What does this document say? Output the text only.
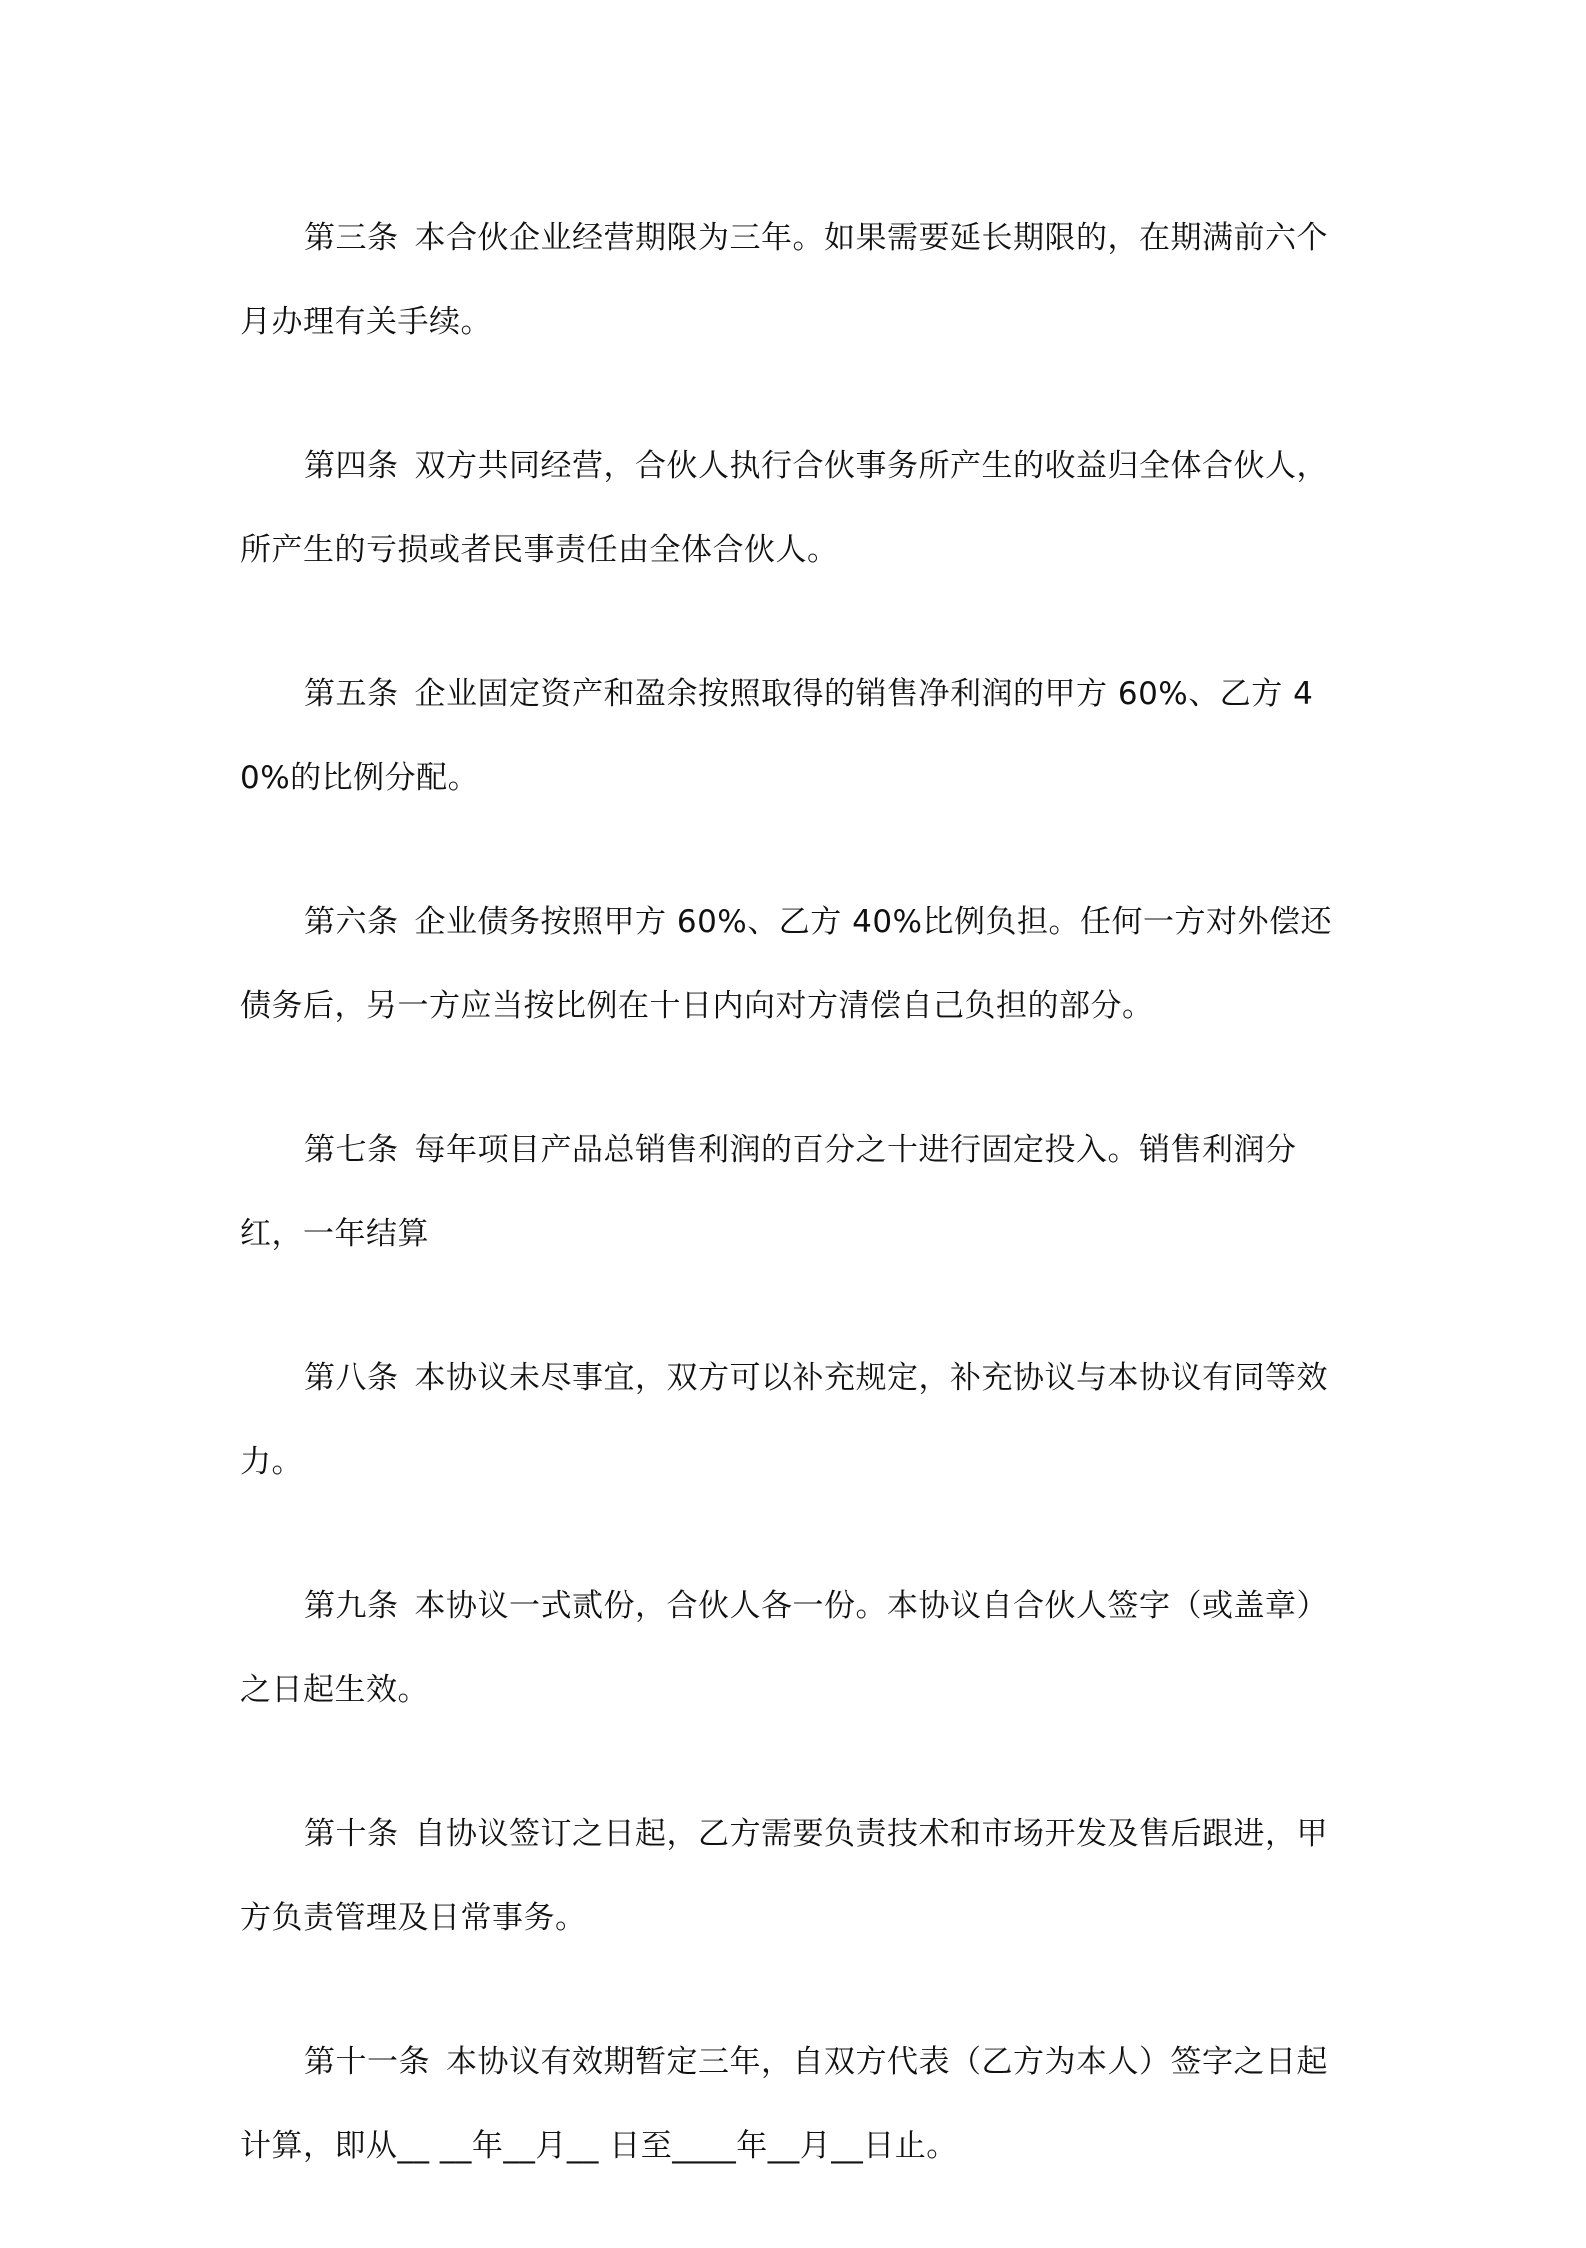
第三条 本合伙企业经营期限为三年。如果需要延长期限的，在期满前六个月办理有关手续。

第四条 双方共同经营，合伙人执行合伙事务所产生的收益归全体合伙人，所产生的亏损或者民事责任由全体合伙人。

第五条 企业固定资产和盈余按照取得的销售净利润的甲方 60%、乙方 40%的比例分配。

第六条 企业债务按照甲方 60%、乙方 40%比例负担。任何一方对外偿还债务后，另一方应当按比例在十日内向对方清偿自己负担的部分。

第七条 每年项目产品总销售利润的百分之十进行固定投入。销售利润分红，一年结算

第八条 本协议未尽事宜，双方可以补充规定，补充协议与本协议有同等效力。

第九条 本协议一式贰份，合伙人各一份。本协议自合伙人签字（或盖章）之日起生效。

第十条 自协议签订之日起，乙方需要负责技术和市场开发及售后跟进，甲方负责管理及日常事务。

第十一条 本协议有效期暂定三年，自双方代表（乙方为本人）签字之日起计算，即从__ __年__月__ 日至____年__月__日止。
